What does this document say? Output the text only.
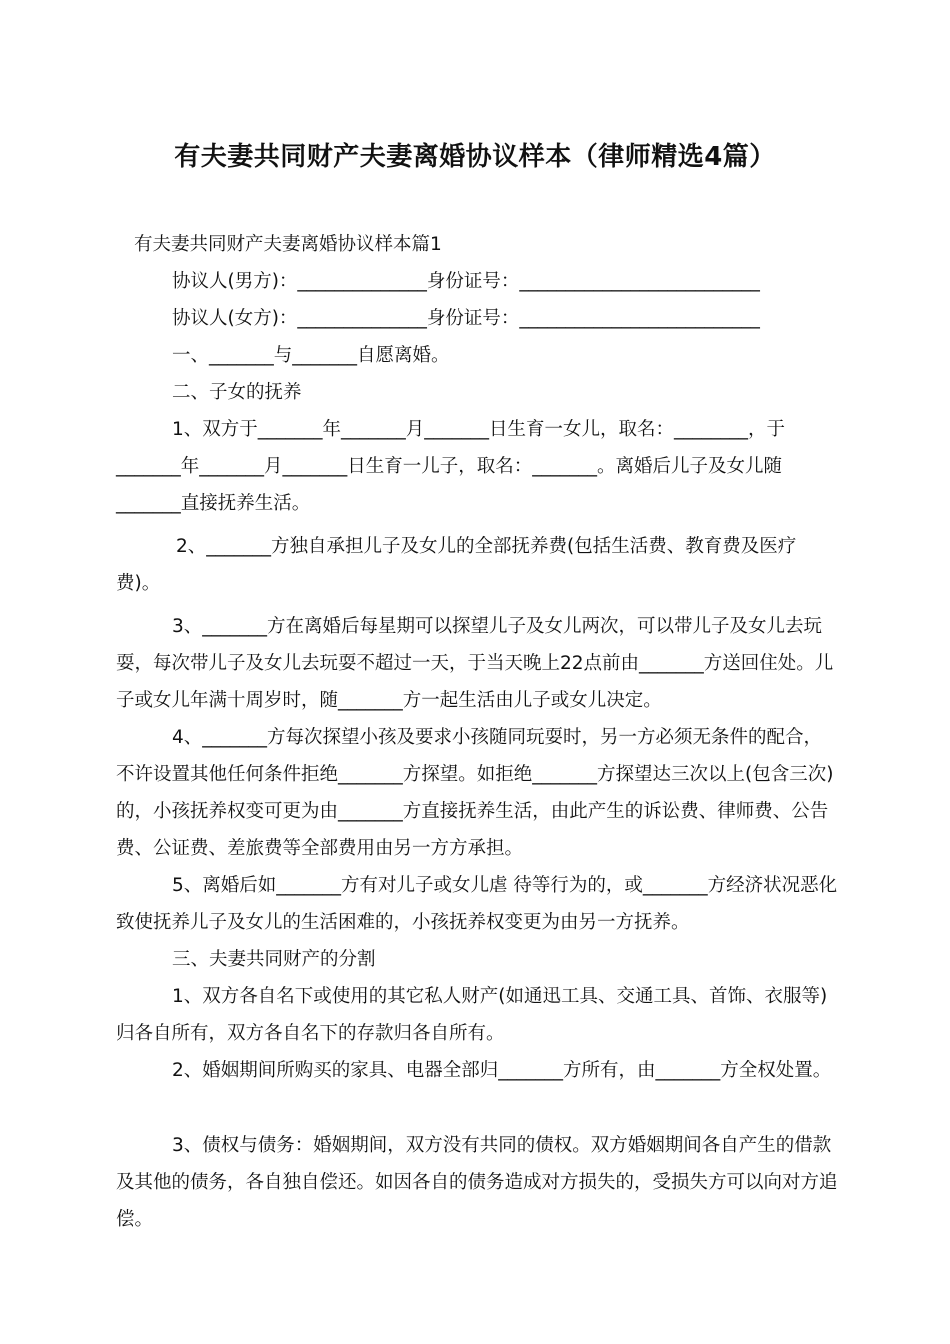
有夫妻共同财产夫妻离婚协议样本（律师精选4篇）

有夫妻共同财产夫妻离婚协议样本篇1

协议人(男方)：______________身份证号：__________________________

协议人(女方)：______________身份证号：__________________________

一、_______与_______自愿离婚。

二、子女的抚养

1、双方于_______年_______月_______日生育一女儿，取名：________，于_______年_______月_______日生育一儿子，取名：_______。离婚后儿子及女儿随_______直接抚养生活。

2、_______方独自承担儿子及女儿的全部抚养费(包括生活费、教育费及医疗费)。

3、_______方在离婚后每星期可以探望儿子及女儿两次，可以带儿子及女儿去玩耍，每次带儿子及女儿去玩耍不超过一天，于当天晚上22点前由_______方送回住处。儿子或女儿年满十周岁时，随_______方一起生活由儿子或女儿决定。

4、_______方每次探望小孩及要求小孩随同玩耍时，另一方必须无条件的配合，不许设置其他任何条件拒绝_______方探望。如拒绝_______方探望达三次以上(包含三次)的，小孩抚养权变可更为由_______方直接抚养生活，由此产生的诉讼费、律师费、公告费、公证费、差旅费等全部费用由另一方方承担。

5、离婚后如_______方有对儿子或女儿虐 待等行为的，或_______方经济状况恶化致使抚养儿子及女儿的生活困难的，小孩抚养权变更为由另一方抚养。

三、夫妻共同财产的分割

1、双方各自名下或使用的其它私人财产(如通迅工具、交通工具、首饰、衣服等)归各自所有，双方各自名下的存款归各自所有。

2、婚姻期间所购买的家具、电器全部归_______方所有，由_______方全权处置。

3、债权与债务：婚姻期间，双方没有共同的债权。双方婚姻期间各自产生的借款及其他的债务，各自独自偿还。如因各自的债务造成对方损失的，受损失方可以向对方追偿。
